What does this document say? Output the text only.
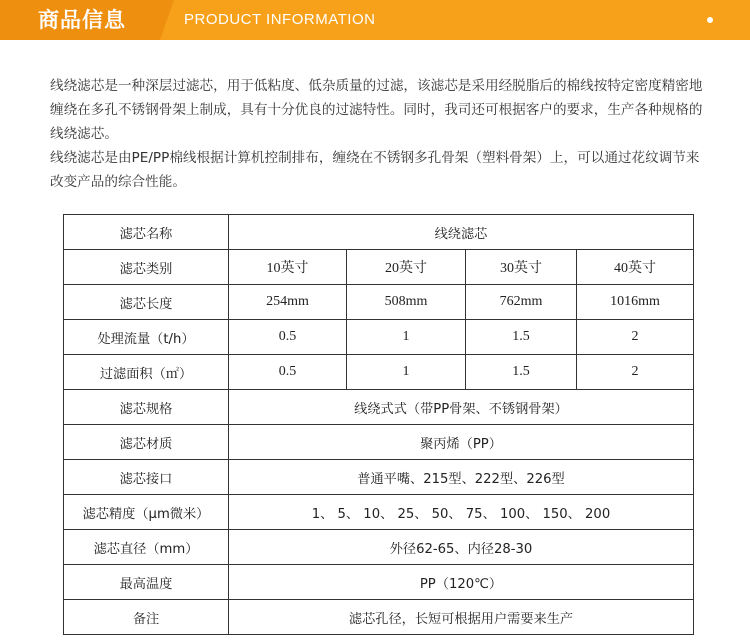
商品信息	PRODUCT INFORMATION

线绕滤芯是一种深层过滤芯，用于低粘度、低杂质量的过滤，该滤芯是采用经脱脂后的棉线按特定密度精密地缠绕在多孔不锈钢骨架上制成，具有十分优良的过滤特性。同时，我司还可根据客户的要求，生产各种规格的线绕滤芯。

线绕滤芯是由PE/PP棉线根据计算机控制排布，缠绕在不锈钢多孔骨架（塑料骨架）上，可以通过花纹调节来改变产品的综合性能。

滤芯名称	线绕滤芯			
滤芯类别	10英寸	20英寸	30英寸	40英寸
滤芯长度	254mm	508mm	762mm	1016mm
处理流量（t/h）	0.5	1	1.5	2
过滤面积（㎡）	0.5	1	1.5	2
滤芯规格	线绕式式（带PP骨架、不锈钢骨架）			
滤芯材质	聚丙烯（PP）			
滤芯接口	普通平嘴、215型、222型、226型			
滤芯精度（μm微米）	1、 5、 10、 25、 50、 75、 100、 150、 200			
滤芯直径（mm）	外径62-65、内径28-30			
最高温度	PP（120℃）			
备注	滤芯孔径，长短可根据用户需要来生产			
